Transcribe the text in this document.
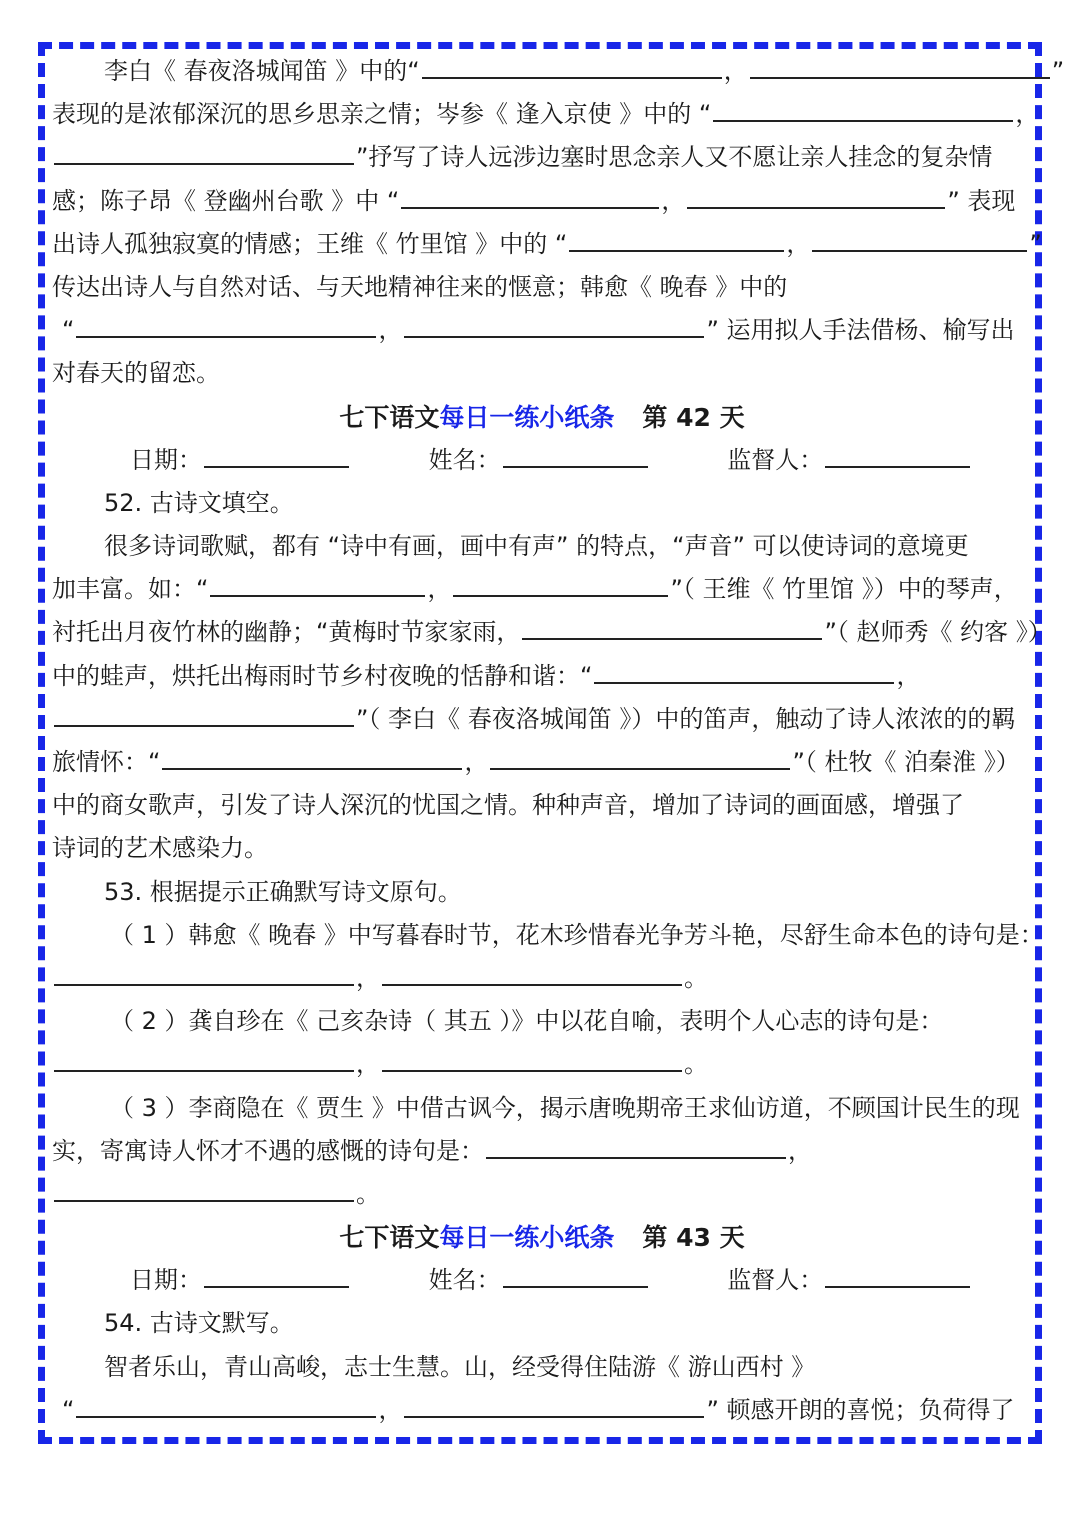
李白《 春夜洛城闻笛 》中的“	，	”
表现的是浓郁深沉的思乡思亲之情；岑参《 逢入京使 》中的 “	，
”抒写了诗人远涉边塞时思念亲人又不愿让亲人挂念的复杂情
感；陈子昂《 登幽州台歌 》中 “	，	” 表现
出诗人孤独寂寞的情感；王维《 竹里馆 》中的 “	，	”
传达出诗人与自然对话、与天地精神往来的惬意；韩愈《 晚春 》中的
“	，	” 运用拟人手法借杨、榆写出
对春天的留恋。
七下语文每日一练小纸条 第 42 天
日期：	姓名：	监督人：
52. 古诗文填空。
很多诗词歌赋，都有 “诗中有画，画中有声” 的特点，“声音” 可以使诗词的意境更
加丰富。如：“	，	”（ 王维《 竹里馆 》）中的琴声，
衬托出月夜竹林的幽静；“黄梅时节家家雨，	”（ 赵师秀《 约客 》）
中的蛙声，烘托出梅雨时节乡村夜晚的恬静和谐：“	，
”（ 李白《 春夜洛城闻笛 》）中的笛声，触动了诗人浓浓的的羁
旅情怀：“	，	”（ 杜牧《 泊秦淮 》）
中的商女歌声，引发了诗人深沉的忧国之情。种种声音，增加了诗词的画面感，增强了
诗词的艺术感染力。
53. 根据提示正确默写诗文原句。
（ 1 ）韩愈《 晚春 》中写暮春时节，花木珍惜春光争芳斗艳，尽舒生命本色的诗句是：
，	。
（ 2 ）龚自珍在《 己亥杂诗（ 其五 ）》中以花自喻，表明个人心志的诗句是：
，	。
（ 3 ）李商隐在《 贾生 》中借古讽今，揭示唐晚期帝王求仙访道，不顾国计民生的现
实，寄寓诗人怀才不遇的感慨的诗句是：	，
。
七下语文每日一练小纸条 第 43 天
日期：	姓名：	监督人：
54. 古诗文默写。
智者乐山，青山高峻，志士生慧。山，经受得住陆游《 游山西村 》
“	，	” 顿感开朗的喜悦；负荷得了
